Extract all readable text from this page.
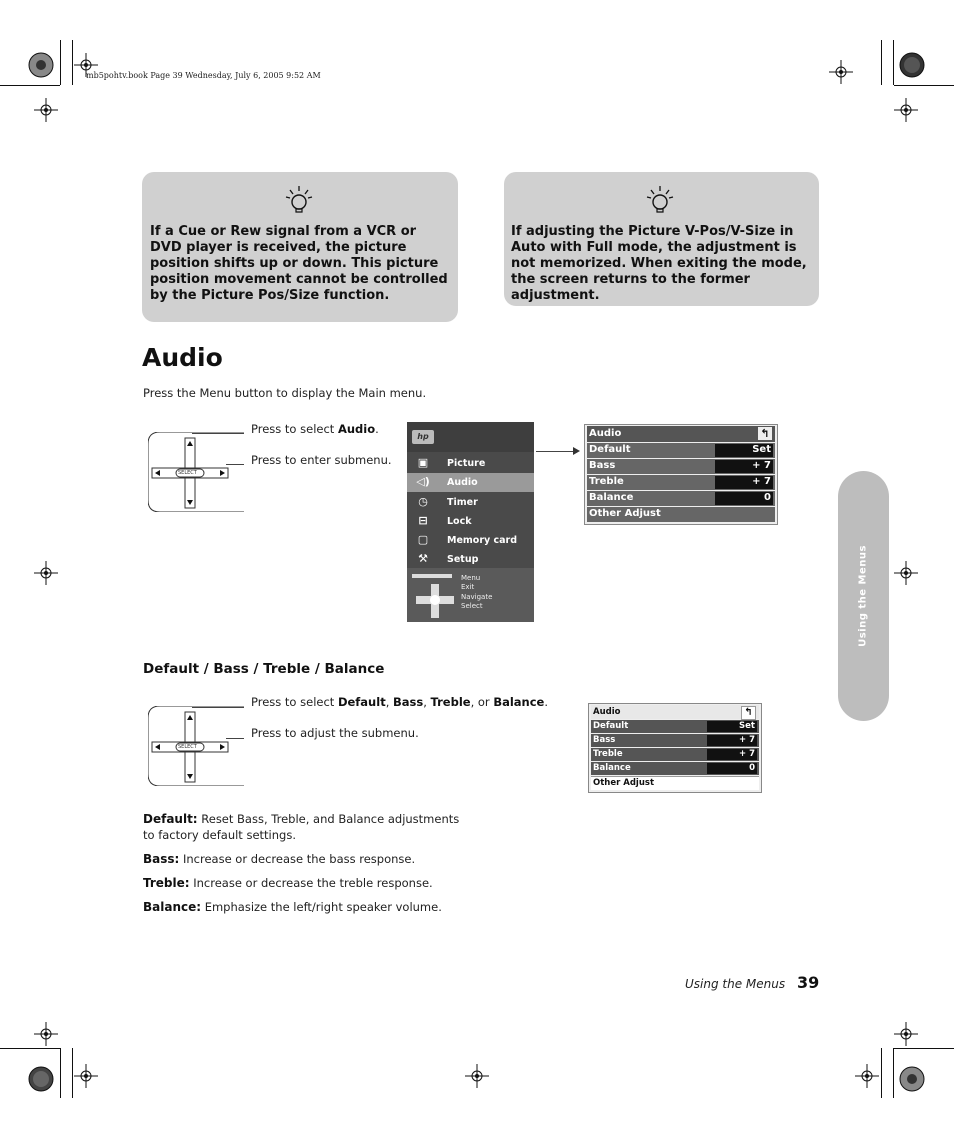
mb5pohtv.book Page 39 Wednesday, July 6, 2005 9:52 AM
If a Cue or Rew signal from a VCR or DVD player is received, the picture position shifts up or down. This picture position movement cannot be controlled by the Picture Pos/Size function.
If adjusting the Picture V-Pos/V-Size in Auto with Full mode, the adjustment is not memorized. When exiting the mode, the screen returns to the former adjustment.
Audio
Press the Menu button to display the Main menu.
SELECT
Press to select Audio.
Press to enter submenu.
hp
▣ Picture
◁) Audio
◷ Timer
⊟ Lock
▢ Memory card
⚒ Setup
Menu
Exit
Navigate
Select
Audio	↰
Default	Set
Bass	+ 7
Treble	+ 7
Balance	0
Other Adjust
Default / Bass / Treble / Balance
SELECT
Press to select Default, Bass, Treble, or Balance.
Press to adjust the submenu.
Audio	↰
Default	Set
Bass	+ 7
Treble	+ 7
Balance	0
Other Adjust
Default: Reset Bass, Treble, and Balance adjustments
to factory default settings.
Bass: Increase or decrease the bass response.
Treble: Increase or decrease the treble response.
Balance: Emphasize the left/right speaker volume.
Using the Menus
Using the Menus 39
